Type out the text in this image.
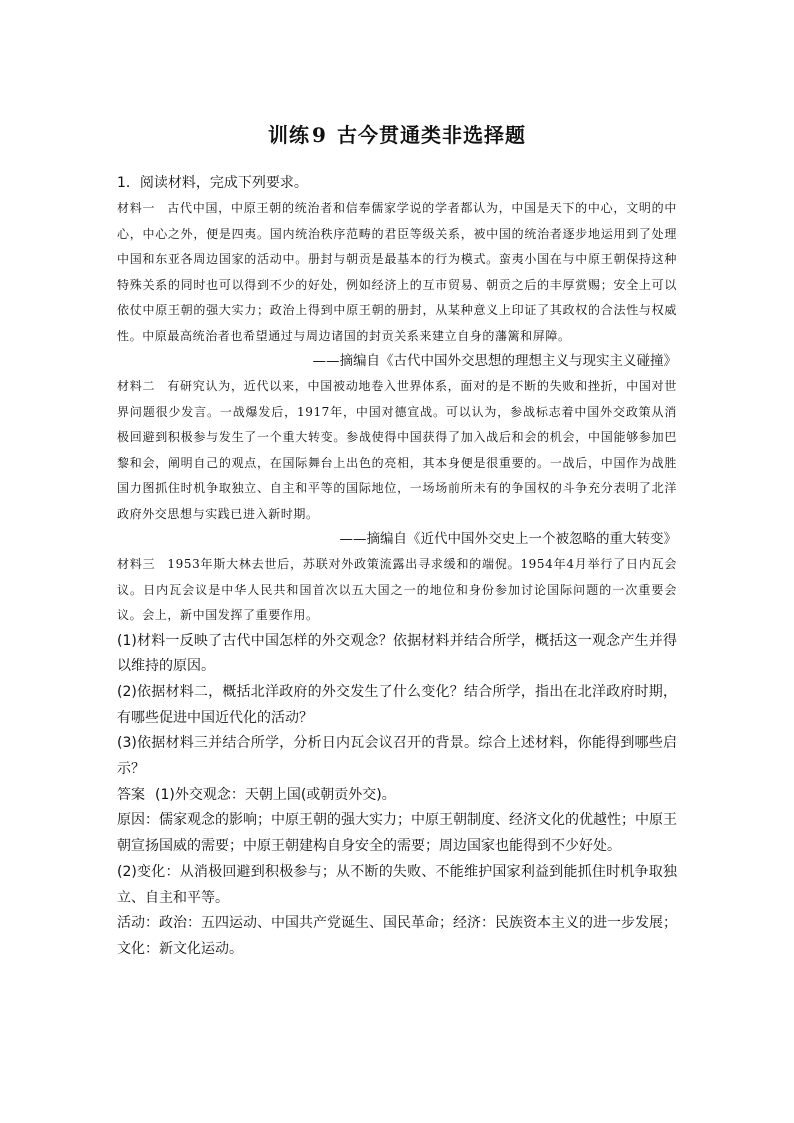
训练 9 古今贯通类非选择题

1．阅读材料，完成下列要求。

材料一 古代中国，中原王朝的统治者和信奉儒家学说的学者都认为，中国是天下的中心，文明的中心，中心之外，便是四夷。国内统治秩序范畴的君臣等级关系，被中国的统治者逐步地运用到了处理中国和东亚各周边国家的活动中。册封与朝贡是最基本的行为模式。蛮夷小国在与中原王朝保持这种特殊关系的同时也可以得到不少的好处，例如经济上的互市贸易、朝贡之后的丰厚赏赐；安全上可以依仗中原王朝的强大实力；政治上得到中原王朝的册封，从某种意义上印证了其政权的合法性与权威性。中原最高统治者也希望通过与周边诸国的封贡关系来建立自身的藩篱和屏障。

——摘编自《古代中国外交思想的理想主义与现实主义碰撞》

材料二 有研究认为，近代以来，中国被动地卷入世界体系，面对的是不断的失败和挫折，中国对世界问题很少发言。一战爆发后，1917年，中国对德宣战。可以认为，参战标志着中国外交政策从消极回避到积极参与发生了一个重大转变。参战使得中国获得了加入战后和会的机会，中国能够参加巴黎和会，阐明自己的观点，在国际舞台上出色的亮相，其本身便是很重要的。一战后，中国作为战胜国力图抓住时机争取独立、自主和平等的国际地位，一场场前所未有的争国权的斗争充分表明了北洋政府外交思想与实践已进入新时期。

——摘编自《近代中国外交史上一个被忽略的重大转变》

材料三 1953年斯大林去世后，苏联对外政策流露出寻求缓和的端倪。1954年4月举行了日内瓦会议。日内瓦会议是中华人民共和国首次以五大国之一的地位和身份参加讨论国际问题的一次重要会议。会上，新中国发挥了重要作用。

(1)材料一反映了古代中国怎样的外交观念？依据材料并结合所学，概括这一观念产生并得以维持的原因。

(2)依据材料二，概括北洋政府的外交发生了什么变化？结合所学，指出在北洋政府时期，有哪些促进中国近代化的活动？

(3)依据材料三并结合所学，分析日内瓦会议召开的背景。综合上述材料，你能得到哪些启示？

答案 (1)外交观念：天朝上国(或朝贡外交)。

原因：儒家观念的影响；中原王朝的强大实力；中原王朝制度、经济文化的优越性；中原王朝宣扬国威的需要；中原王朝建构自身安全的需要；周边国家也能得到不少好处。

(2)变化：从消极回避到积极参与；从不断的失败、不能维护国家利益到能抓住时机争取独立、自主和平等。

活动：政治：五四运动、中国共产党诞生、国民革命；经济：民族资本主义的进一步发展；文化：新文化运动。
